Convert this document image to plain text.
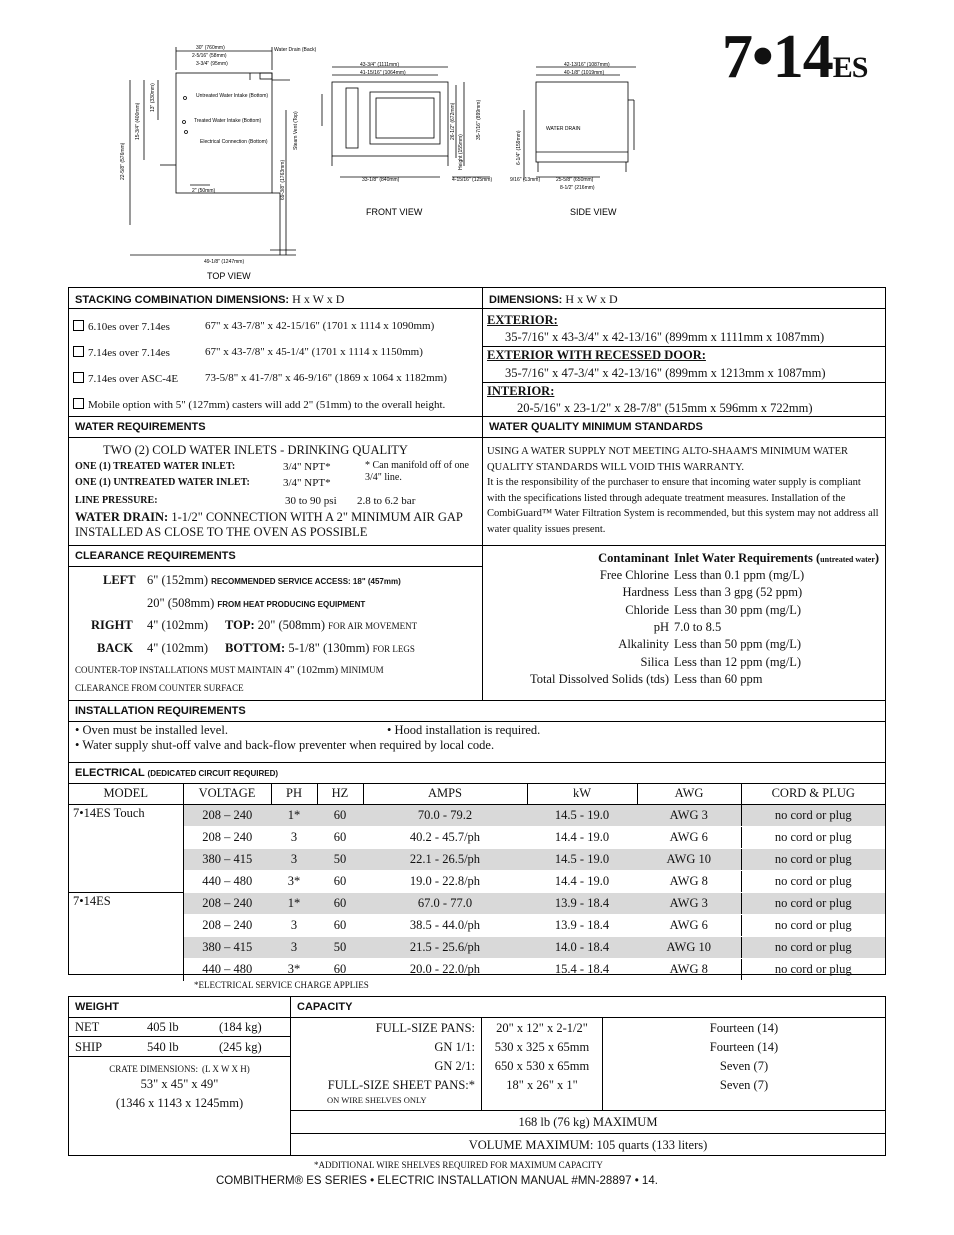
7•14ES
30" (760mm)
2-5/16" (58mm)
3-3/4" (95mm)
Water Drain (Back)
Untreated Water Intake (Bottom)
Treated Water Intake (Bottom)
Electrical Connection (Bottom)	Steam Vent (Top)
22-5/8" (576mm)
15-3/4" (400mm)
13" (330mm)
2" (50mm)	69-3/8" (1763mm)
49-1/8" (1247mm)
43-3/4" (1111mm)
41-15/16" (1064mm)
26-1/2" (672mm)	35-7/16" (899mm)
Height (155mm)
33-1/8" (840mm)	4-15/16" (125mm)
FRONT VIEW
42-13/16" (1087mm)
40-1/8" (1019mm)
6-1/4" (159mm)
WATER DRAIN
25-5/8" (650mm)
8-1/2" (216mm)
9/16" (13mm)
SIDE VIEW
TOP VIEW
STACKING COMBINATION DIMENSIONS: H x W x D
6.10es over 7.14es	67" x 43-7/8" x 42-15/16" (1701 x 1114 x 1090mm)
7.14es over 7.14es	67" x 43-7/8" x 45-1/4" (1701 x 1114 x 1150mm)
7.14es over ASC-4E 73-5/8" x 41-7/8" x 46-9/16" (1869 x 1064 x 1182mm)
Mobile option with 5" (127mm) casters will add 2" (51mm) to the overall height.
DIMENSIONS: H x W x D
EXTERIOR:
35-7/16" x 43-3/4" x 42-13/16" (899mm x 1111mm x 1087mm)
EXTERIOR WITH RECESSED DOOR:
35-7/16" x 47-3/4" x 42-13/16" (899mm x 1213mm x 1087mm)
INTERIOR:
20-5/16" x 23-1/2" x 28-7/8" (515mm x 596mm x 722mm)
WATER REQUIREMENTS
TWO (2) COLD WATER INLETS - DRINKING QUALITY
ONE (1) TREATED WATER INLET:	3/4" NPT*	* Can manifold off of one 3/4" line.
ONE (1) UNTREATED WATER INLET:	3/4" NPT*
LINE PRESSURE:	30 to 90 psi 2.8 to 6.2 bar
WATER DRAIN: 1-1/2" CONNECTION WITH A 2" MINIMUM AIR GAP INSTALLED AS CLOSE TO THE OVEN AS POSSIBLE
WATER QUALITY MINIMUM STANDARDS
USING A WATER SUPPLY NOT MEETING ALTO-SHAAM'S MINIMUM WATER QUALITY STANDARDS WILL VOID THIS WARRANTY.
It is the responsibility of the purchaser to ensure that incoming water supply is compliant with the specifications listed through adequate treatment measures. Installation of the CombiGuard™ Water Filtration System is recommended, but this system may not address all water quality issues present.
CLEARANCE REQUIREMENTS
LEFT 6" (152mm) RECOMMENDED SERVICE ACCESS: 18" (457mm)
20" (508mm) FROM HEAT PRODUCING EQUIPMENT
RIGHT 4" (102mm) TOP: 20" (508mm) FOR AIR MOVEMENT
BACK 4" (102mm) BOTTOM: 5-1/8" (130mm) FOR LEGS
COUNTER-TOP INSTALLATIONS MUST MAINTAIN 4" (102mm) MINIMUM
CLEARANCE FROM COUNTER SURFACE
Contaminant Inlet Water Requirements (untreated water)
Free Chlorine Less than 0.1 ppm (mg/L)
Hardness Less than 3 gpg (52 ppm)
Chloride Less than 30 ppm (mg/L)
pH 7.0 to 8.5
Alkalinity Less than 50 ppm (mg/L)
Silica Less than 12 ppm (mg/L)
Total Dissolved Solids (tds) Less than 60 ppm
INSTALLATION REQUIREMENTS
• Oven must be installed level.	• Hood installation is required.
• Water supply shut-off valve and back-flow preventer when required by local code.
ELECTRICAL (DEDICATED CIRCUIT REQUIRED)
MODEL	VOLTAGE	PH	HZ	AMPS	kW	AWG	CORD & PLUG
7•14ES Touch	208 – 240	1*	60	70.0 - 79.2	14.5 - 19.0	AWG 3	no cord or plug
	208 – 240	3	60	40.2 - 45.7/ph	14.4 - 19.0	AWG 6	no cord or plug
	380 – 415	3	50	22.1 - 26.5/ph	14.5 - 19.0	AWG 10	no cord or plug
	440 – 480	3*	60	19.0 - 22.8/ph	14.4 - 19.0	AWG 8	no cord or plug
7•14ES	208 – 240	1*	60	67.0 - 77.0	13.9 - 18.4	AWG 3	no cord or plug
	208 – 240	3	60	38.5 - 44.0/ph	13.9 - 18.4	AWG 6	no cord or plug
	380 – 415	3	50	21.5 - 25.6/ph	14.0 - 18.4	AWG 10	no cord or plug
	440 – 480	3*	60	20.0 - 22.0/ph	15.4 - 18.4	AWG 8	no cord or plug
*ELECTRICAL SERVICE CHARGE APPLIES
WEIGHT
NET	405 lb	(184 kg)
SHIP	540 lb	(245 kg)
CRATE DIMENSIONS: (L X W X H)
53" x 45" x 49"
(1346 x 1143 x 1245mm)
CAPACITY
FULL-SIZE PANS:	20" x 12" x 2-1/2"	Fourteen (14)
GN 1/1:	530 x 325 x 65mm	Fourteen (14)
GN 2/1:	650 x 530 x 65mm	Seven (7)
FULL-SIZE SHEET PANS:*	18" x 26" x 1"	Seven (7)
ON WIRE SHELVES ONLY
168 lb (76 kg) MAXIMUM
VOLUME MAXIMUM: 105 quarts (133 liters)
*ADDITIONAL WIRE SHELVES REQUIRED FOR MAXIMUM CAPACITY
COMBITHERM® ES SERIES • ELECTRIC INSTALLATION MANUAL #MN-28897 • 14.
